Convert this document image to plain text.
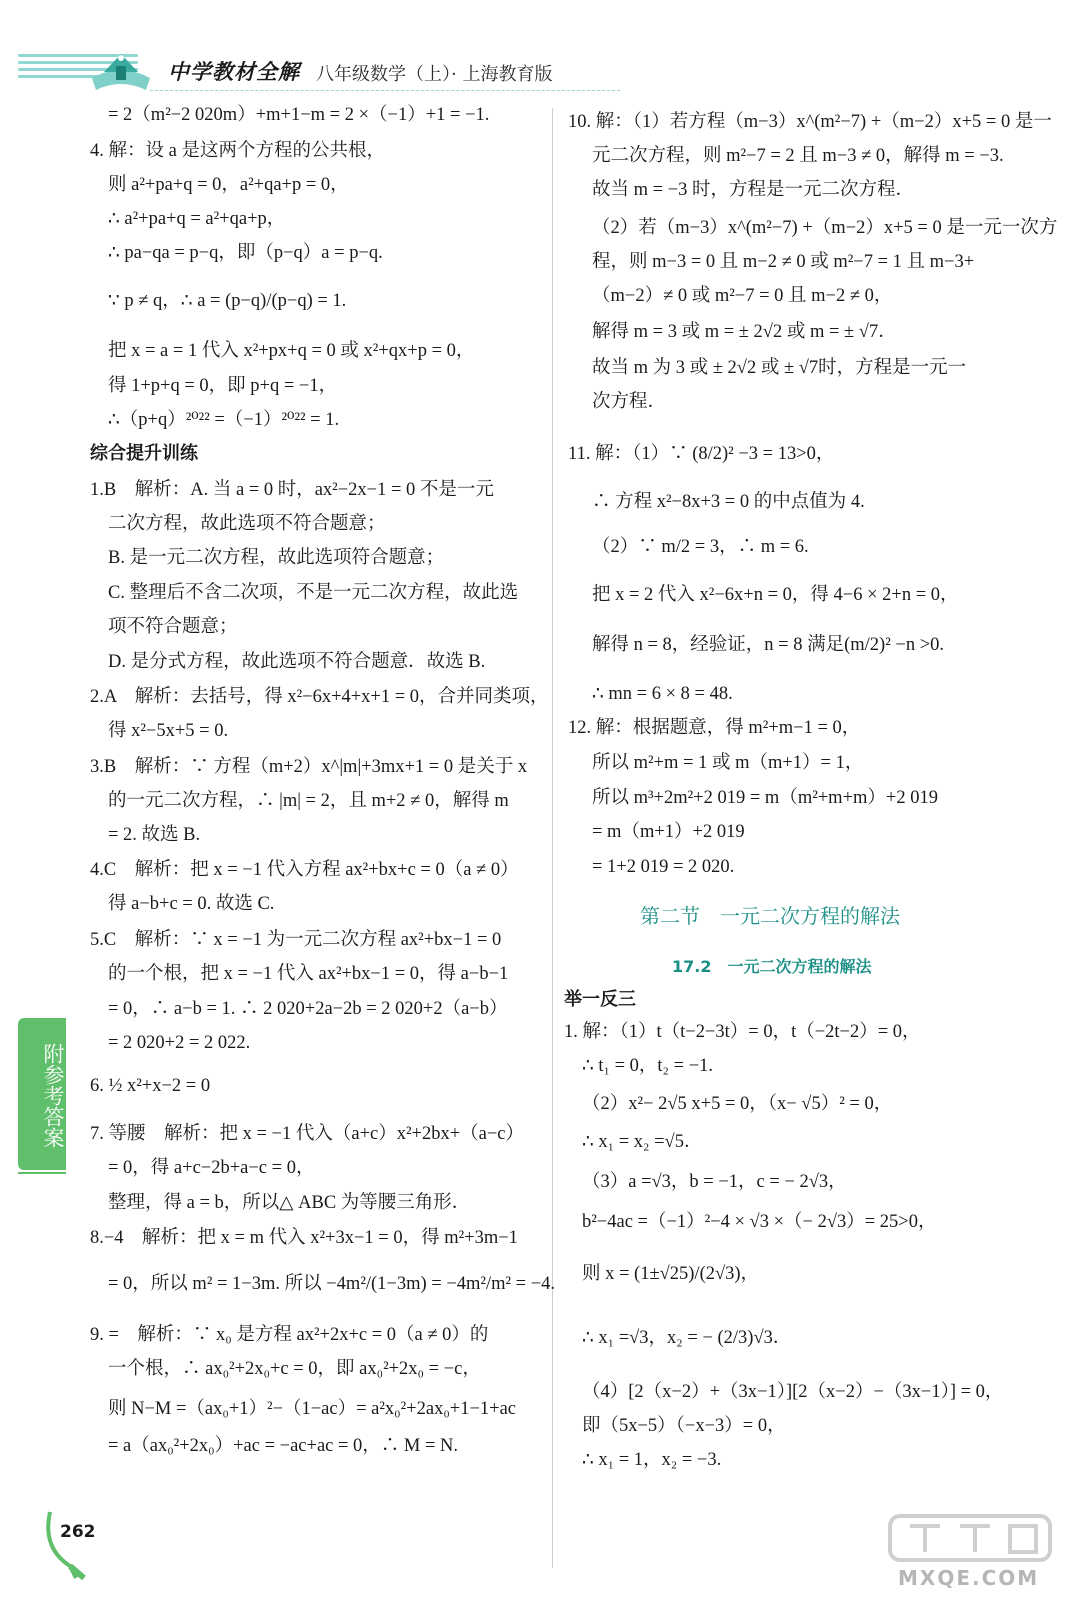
中学教材全解 八年级数学（上）· 上海教育版

= 2（m²−2 020m）+m+1−m = 2 ×（−1）+1 = −1.

4. 解：设 a 是这两个方程的公共根，

则 a²+pa+q = 0，a²+qa+p = 0，

∴ a²+pa+q = a²+qa+p，

∴ pa−qa = p−q，即（p−q）a = p−q.

∵ p ≠ q，∴ a = (p−q)/(p−q) = 1.

把 x = a = 1 代入 x²+px+q = 0 或 x²+qx+p = 0，

得 1+p+q = 0，即 p+q = −1，

∴（p+q）²⁰²² =（−1）²⁰²² = 1.

综合提升训练

1.B　解析：A. 当 a = 0 时，ax²−2x−1 = 0 不是一元

二次方程，故此选项不符合题意；

B. 是一元二次方程，故此选项符合题意；

C. 整理后不含二次项，不是一元二次方程，故此选

项不符合题意；

D. 是分式方程，故此选项不符合题意．故选 B.

2.A　解析：去括号，得 x²−6x+4+x+1 = 0，合并同类项，

得 x²−5x+5 = 0.

3.B　解析：∵ 方程（m+2）x^|m|+3mx+1 = 0 是关于 x

的一元二次方程，∴ |m| = 2，且 m+2 ≠ 0，解得 m

= 2. 故选 B.

4.C　解析：把 x = −1 代入方程 ax²+bx+c = 0（a ≠ 0）

得 a−b+c = 0. 故选 C.

5.C　解析：∵ x = −1 为一元二次方程 ax²+bx−1 = 0

的一个根，把 x = −1 代入 ax²+bx−1 = 0，得 a−b−1

= 0，∴ a−b = 1. ∴ 2 020+2a−2b = 2 020+2（a−b）

= 2 020+2 = 2 022.

6. ½ x²+x−2 = 0

7. 等腰　解析：把 x = −1 代入（a+c）x²+2bx+（a−c）

= 0，得 a+c−2b+a−c = 0，

整理，得 a = b，所以△ ABC 为等腰三角形．

8.−4　解析：把 x = m 代入 x²+3x−1 = 0，得 m²+3m−1

= 0，所以 m² = 1−3m. 所以 −4m²/(1−3m) = −4m²/m² = −4.

9. =　解析：∵ x₀ 是方程 ax²+2x+c = 0（a ≠ 0）的

一个根，∴ ax₀²+2x₀+c = 0，即 ax₀²+2x₀ = −c，

则 N−M =（ax₀+1）²−（1−ac）= a²x₀²+2ax₀+1−1+ac

= a（ax₀²+2x₀）+ac = −ac+ac = 0，∴ M = N.

10. 解：（1）若方程（m−3）x^(m²−7) +（m−2）x+5 = 0 是一

元二次方程，则 m²−7 = 2 且 m−3 ≠ 0，解得 m = −3.

故当 m = −3 时，方程是一元二次方程．

（2）若（m−3）x^(m²−7) +（m−2）x+5 = 0 是一元一次方

程，则 m−3 = 0 且 m−2 ≠ 0 或 m²−7 = 1 且 m−3+

（m−2）≠ 0 或 m²−7 = 0 且 m−2 ≠ 0，

解得 m = 3 或 m = ± 2√2 或 m = ± √7．

故当 m 为 3 或 ± 2√2 或 ± √7时，方程是一元一

次方程．

11. 解：（1）∵ (8/2)² −3 = 13>0，

∴ 方程 x²−8x+3 = 0 的中点值为 4.

（2）∵ m/2 = 3，∴ m = 6.

把 x = 2 代入 x²−6x+n = 0，得 4−6 × 2+n = 0，

解得 n = 8，经验证，n = 8 满足(m/2)² −n >0.

∴ mn = 6 × 8 = 48.

12. 解：根据题意，得 m²+m−1 = 0，

所以 m²+m = 1 或 m（m+1）= 1，

所以 m³+2m²+2 019 = m（m²+m+m）+2 019

= m（m+1）+2 019

= 1+2 019 = 2 020.

第二节　一元二次方程的解法

17.2　一元二次方程的解法

举一反三

1. 解：（1）t（t−2−3t）= 0，t（−2t−2）= 0，

∴ t₁ = 0，t₂ = −1.

（2）x²− 2√5 x+5 = 0，（x− √5）² = 0，

∴ x₁ = x₂ =√5．

（3）a =√3，b = −1，c = − 2√3，

b²−4ac =（−1）²−4 × √3 ×（− 2√3）= 25>0，

则 x = (1±√25)/(2√3)，

∴ x₁ =√3，x₂ = − (2/3)√3．

（4）[2（x−2）+（3x−1）][2（x−2）−（3x−1）] = 0，

即（5x−5）（−x−3）= 0，

∴ x₁ = 1，x₂ = −3.

附参考答案
262
MXQE.COM
